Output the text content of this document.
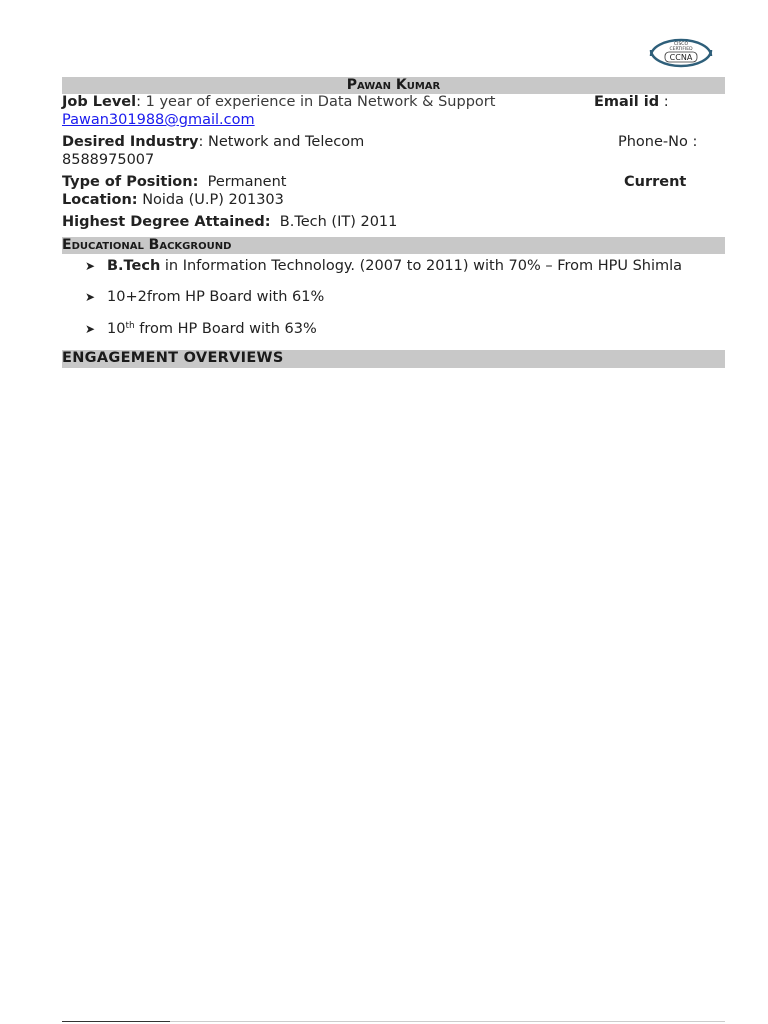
CISCO
CERTIFIED
CCNA
Pawan Kumar
Job Level: 1 year of experience in Data Network & Support	Email id :
Pawan301988@gmail.com
Desired Industry: Network and Telecom	Phone-No :
8588975007
Type of Position: Permanent	Current
Location: Noida (U.P) 201303
Highest Degree Attained: B.Tech (IT) 2011
Educational Background
➤ B.Tech in Information Technology. (2007 to 2011) with 70% – From HPU Shimla
➤ 10+2from HP Board with 61%
➤ 10th from HP Board with 63%
ENGAGEMENT OVERVIEWS
